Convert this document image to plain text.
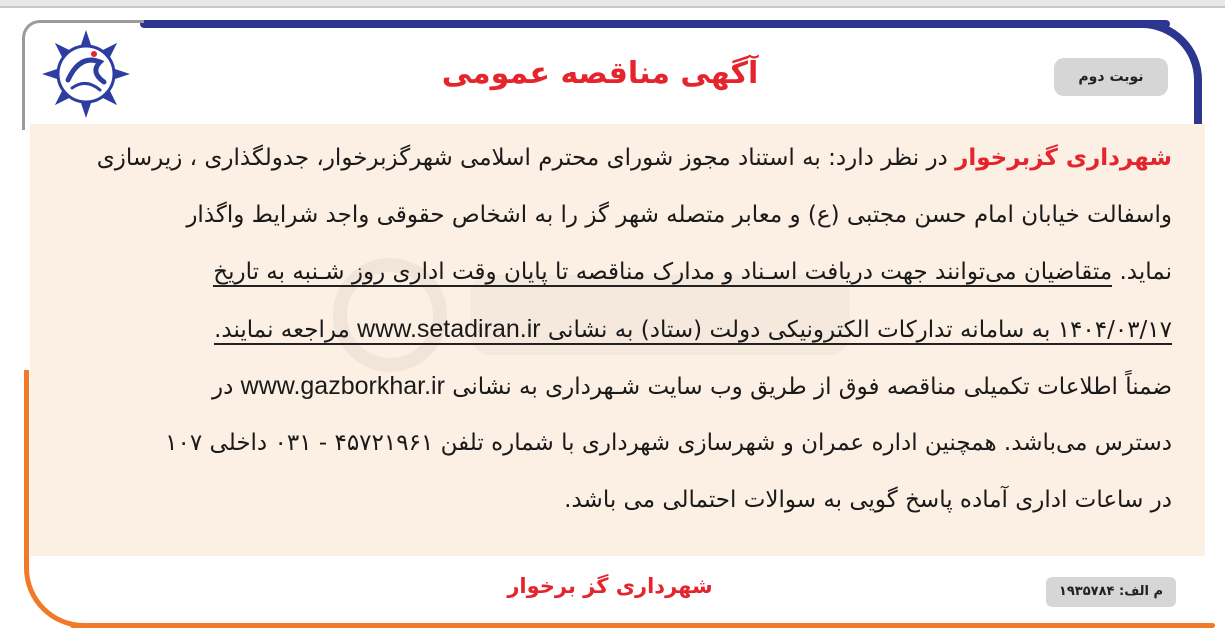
آگهی مناقصه عمومی	نوبت دوم

شهرداری گزبرخوار در نظر دارد: به استناد مجوز شورای محترم اسلامی شهرگزبرخوار، جدولگذاری ، زیرسازی

واسفالت خیابان امام حسن مجتبی (ع) و معابر متصله شهر گز را به اشخاص حقوقی واجد شرایط واگذار

نماید. متقاضیان می‌توانند جهت دریافت اسـناد و مدارک مناقصه تا پایان وقت اداری روز شـنبه به تاریخ

۱۴۰۴/۰۳/۱۷ به سامانه تدارکات الکترونیکی دولت (ستاد) به نشانی www.setadiran.ir مراجعه نمایند.

ضمناً اطلاعات تکمیلی مناقصه فوق از طریق وب سایت شـهرداری به نشانی www.gazborkhar.ir در

دسترس می‌باشد. همچنین اداره عمران و شهرسازی شهرداری با شماره تلفن ۴۵۷۲۱۹۶۱ - ۰۳۱ داخلی ۱۰۷

در ساعات اداری آماده پاسخ گویی به سوالات احتمالی می باشد.

شهرداری گز برخوار	م الف: ۱۹۳۵۷۸۴
